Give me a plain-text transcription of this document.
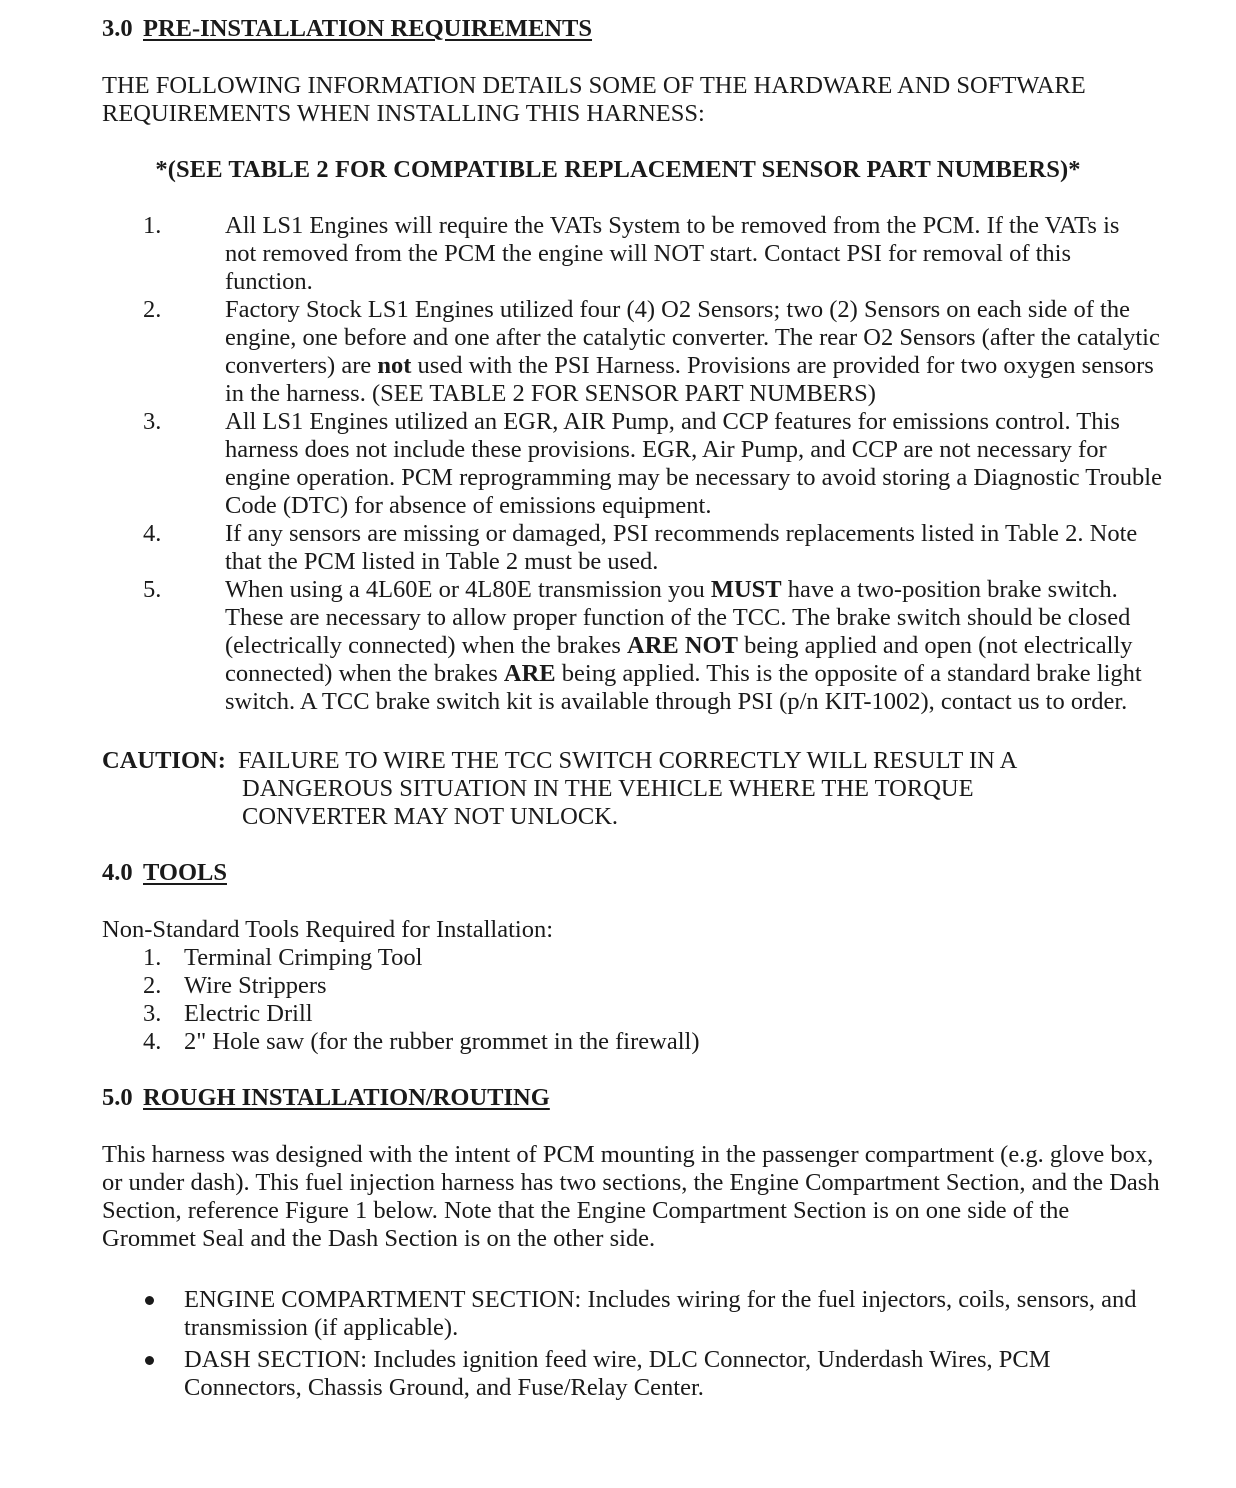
3.0 PRE-INSTALLATION REQUIREMENTS
THE FOLLOWING INFORMATION DETAILS SOME OF THE HARDWARE AND SOFTWARE
REQUIREMENTS WHEN INSTALLING THIS HARNESS:
*(SEE TABLE 2 FOR COMPATIBLE REPLACEMENT SENSOR PART NUMBERS)*
1.	All LS1 Engines will require the VATs System to be removed from the PCM. If the VATs is
not removed from the PCM the engine will NOT start. Contact PSI for removal of this
function.
2.	Factory Stock LS1 Engines utilized four (4) O2 Sensors; two (2) Sensors on each side of the
engine, one before and one after the catalytic converter. The rear O2 Sensors (after the catalytic
converters) are not used with the PSI Harness. Provisions are provided for two oxygen sensors
in the harness. (SEE TABLE 2 FOR SENSOR PART NUMBERS)
3.	All LS1 Engines utilized an EGR, AIR Pump, and CCP features for emissions control. This
harness does not include these provisions. EGR, Air Pump, and CCP are not necessary for
engine operation. PCM reprogramming may be necessary to avoid storing a Diagnostic Trouble
Code (DTC) for absence of emissions equipment.
4.	If any sensors are missing or damaged, PSI recommends replacements listed in Table 2. Note
that the PCM listed in Table 2 must be used.
5.	When using a 4L60E or 4L80E transmission you MUST have a two-position brake switch.
These are necessary to allow proper function of the TCC. The brake switch should be closed
(electrically connected) when the brakes ARE NOT being applied and open (not electrically
connected) when the brakes ARE being applied. This is the opposite of a standard brake light
switch. A TCC brake switch kit is available through PSI (p/n KIT-1002), contact us to order.
CAUTION: FAILURE TO WIRE THE TCC SWITCH CORRECTLY WILL RESULT IN A
DANGEROUS SITUATION IN THE VEHICLE WHERE THE TORQUE
CONVERTER MAY NOT UNLOCK.
4.0 TOOLS
Non-Standard Tools Required for Installation:
1. Terminal Crimping Tool
2. Wire Strippers
3. Electric Drill
4. 2" Hole saw (for the rubber grommet in the firewall)
5.0 ROUGH INSTALLATION/ROUTING
This harness was designed with the intent of PCM mounting in the passenger compartment (e.g. glove box,
or under dash). This fuel injection harness has two sections, the Engine Compartment Section, and the Dash
Section, reference Figure 1 below. Note that the Engine Compartment Section is on one side of the
Grommet Seal and the Dash Section is on the other side.
ENGINE COMPARTMENT SECTION: Includes wiring for the fuel injectors, coils, sensors, and
transmission (if applicable).
DASH SECTION: Includes ignition feed wire, DLC Connector, Underdash Wires, PCM
Connectors, Chassis Ground, and Fuse/Relay Center.
